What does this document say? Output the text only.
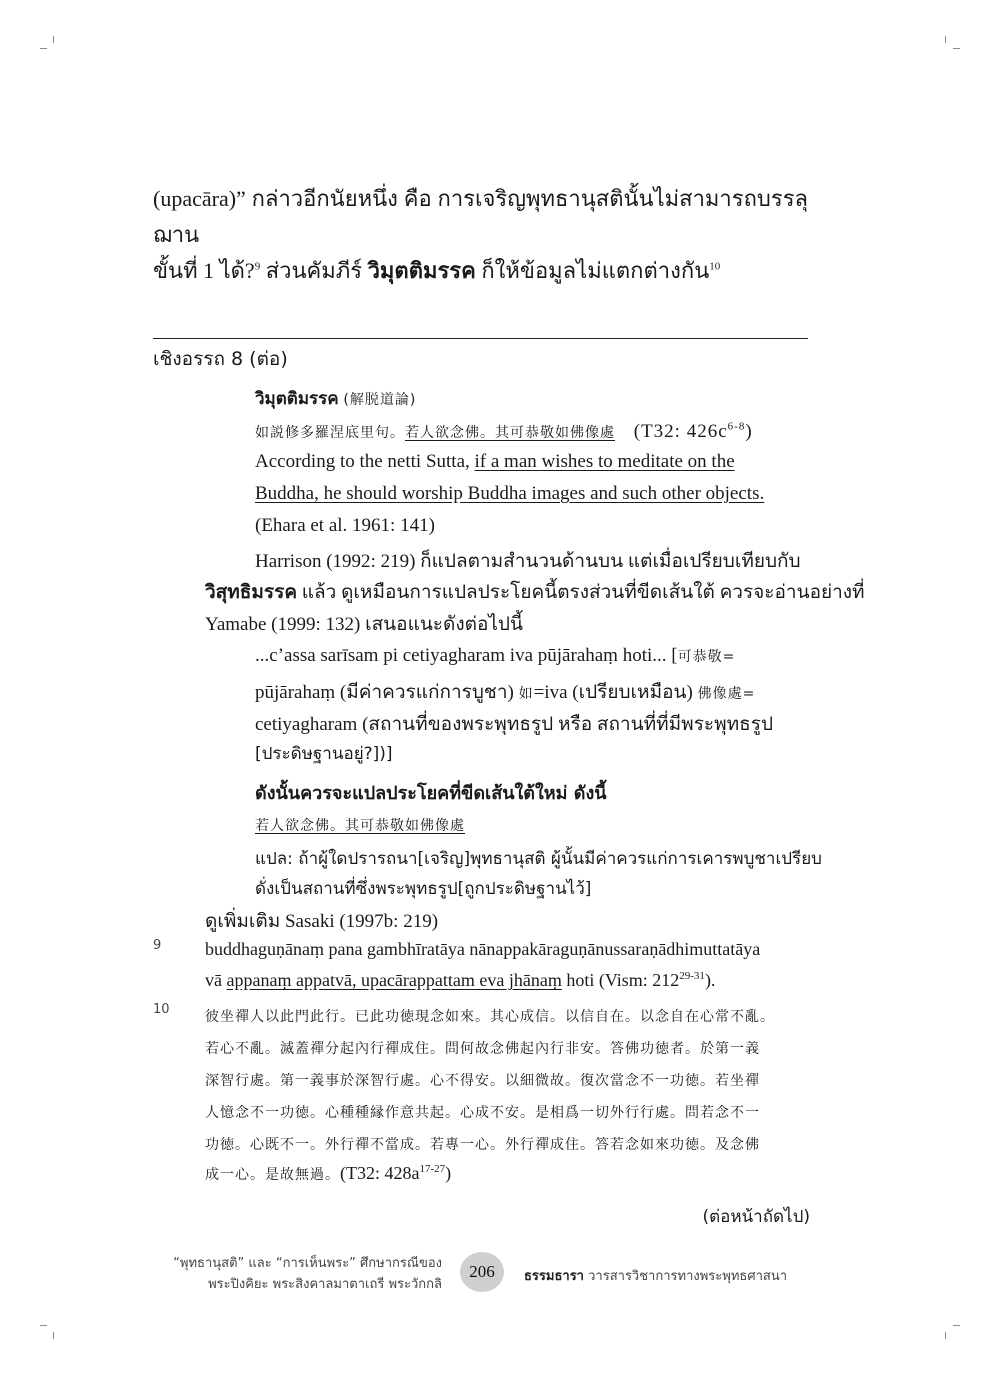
(upacāra)” กล่าวอีกนัยหนึ่ง คือ การเจริญพุทธานุสตินั้นไม่สามารถบรรลุฌาน

ขั้นที่ 1 ได้?$^9$ ส่วนคัมภีร์ วิมุตติมรรค ก็ให้ข้อมูลไม่แตกต่างกัน$^{10}$

เชิงอรรถ 8 (ต่อ)
วิมุตติมรรค (解脱道論)
如説修多羅涅底里句。若人欲念佛。其可恭敬如佛像處 (T32: $426c^{6-8}$)
According to the netti Sutta, if a man wishes to meditate on the
Buddha, he should worship Buddha images and such other objects.
(Ehara et al. 1961: 141)
Harrison (1992: 219) ก็แปลตามสำนวนด้านบน แต่เมื่อเปรียบเทียบกับ
วิสุทธิมรรค แล้ว ดูเหมือนการแปลประโยคนี้ตรงส่วนที่ขีดเส้นใต้ ควรจะอ่านอย่างที่
Yamabe (1999: 132) เสนอแนะดังต่อไปนี้
...c’assa sarīsam pi cetiyagharam iva pūjārahaṃ hoti... [可恭敬=
pūjārahaṃ (มีค่าควรแก่การบูชา) 如=iva (เปรียบเหมือน) 佛像處=
cetiyagharam (สถานที่ของพระพุทธรูป หรือ สถานที่ที่มีพระพุทธรูป
[ประดิษฐานอยู่?])]
ดังนั้นควรจะแปลประโยคที่ขีดเส้นใต้ใหม่ ดังนี้
若人欲念佛。其可恭敬如佛像處
แปล: ถ้าผู้ใดปรารถนา[เจริญ]พุทธานุสติ ผู้นั้นมีค่าควรแก่การเคารพบูชาเปรียบ
ดั่งเป็นสถานที่ซึ่งพระพุทธรูป[ถูกประดิษฐานไว้]
ดูเพิ่มเติม Sasaki (1997b: 219)
9 buddhaguṇānaṃ pana gambhīratāya nānappakāraguṇānussaraṇādhimuttatāya
vā appanaṃ appatvā, upacārappattam eva jhānaṃ hoti (Vism: 212$^{29-31}$).
10	彼坐禪人以此門此行。已此功徳現念如來。其心成信。以信自在。以念自在心常不亂。
若心不亂。滅蓋禪分起內行禪成住。問何故念佛起內行非安。答佛功徳者。於第一義
深智行處。第一義事於深智行處。心不得安。以細微故。復次當念不一功徳。若坐禪
人憶念不一功徳。心種種縁作意共起。心成不安。是相爲一切外行行處。問若念不一
功徳。心既不一。外行禪不當成。若專一心。外行禪成住。答若念如來功徳。及念佛
成一心。是故無過。(T32: $428a^{17-27}$)
(ต่อหน้าถัดไป)
“พุทธานุสติ” และ “การเห็นพระ” ศึกษากรณีของ
พระปิงคิยะ พระสิงคาลมาตาเถรี พระวักกลิ
206	ธรรมธารา วารสารวิชาการทางพระพุทธศาสนา
